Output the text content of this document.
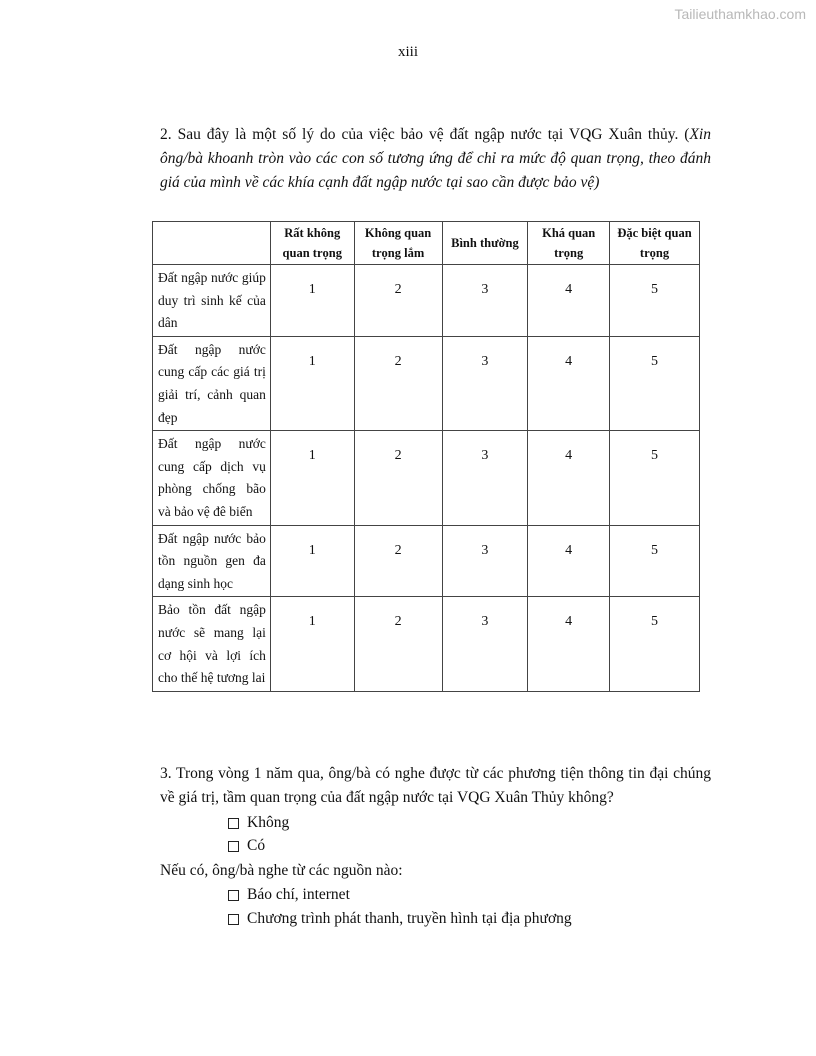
Tailieuthamkhao.com
xiii

2. Sau đây là một số lý do của việc bảo vệ đất ngập nước tại VQG Xuân thủy. (Xin ông/bà khoanh tròn vào các con số tương ứng để chỉ ra mức độ quan trọng, theo đánh giá của mình về các khía cạnh đất ngập nước tại sao cần được bảo vệ)

	Rất không quan trọng	Không quan trọng lắm	Bình thường	Khá quan trọng	Đặc biệt quan trọng
Đất ngập nước giúp duy trì sinh kế của dân	1	2	3	4	5
Đất ngập nước cung cấp các giá trị giải trí, cảnh quan đẹp	1	2	3	4	5
Đất ngập nước cung cấp dịch vụ phòng chống bão và bảo vệ đê biển	1	2	3	4	5
Đất ngập nước bảo tồn nguồn gen đa dạng sinh học	1	2	3	4	5
Bảo tồn đất ngập nước sẽ mang lại cơ hội và lợi ích cho thế hệ tương lai	1	2	3	4	5

3. Trong vòng 1 năm qua, ông/bà có nghe được từ các phương tiện thông tin đại chúng về giá trị, tầm quan trọng của đất ngập nước tại VQG Xuân Thủy không?

Không
Có
Nếu có, ông/bà nghe từ các nguồn nào:
Báo chí, internet
Chương trình phát thanh, truyền hình tại địa phương
